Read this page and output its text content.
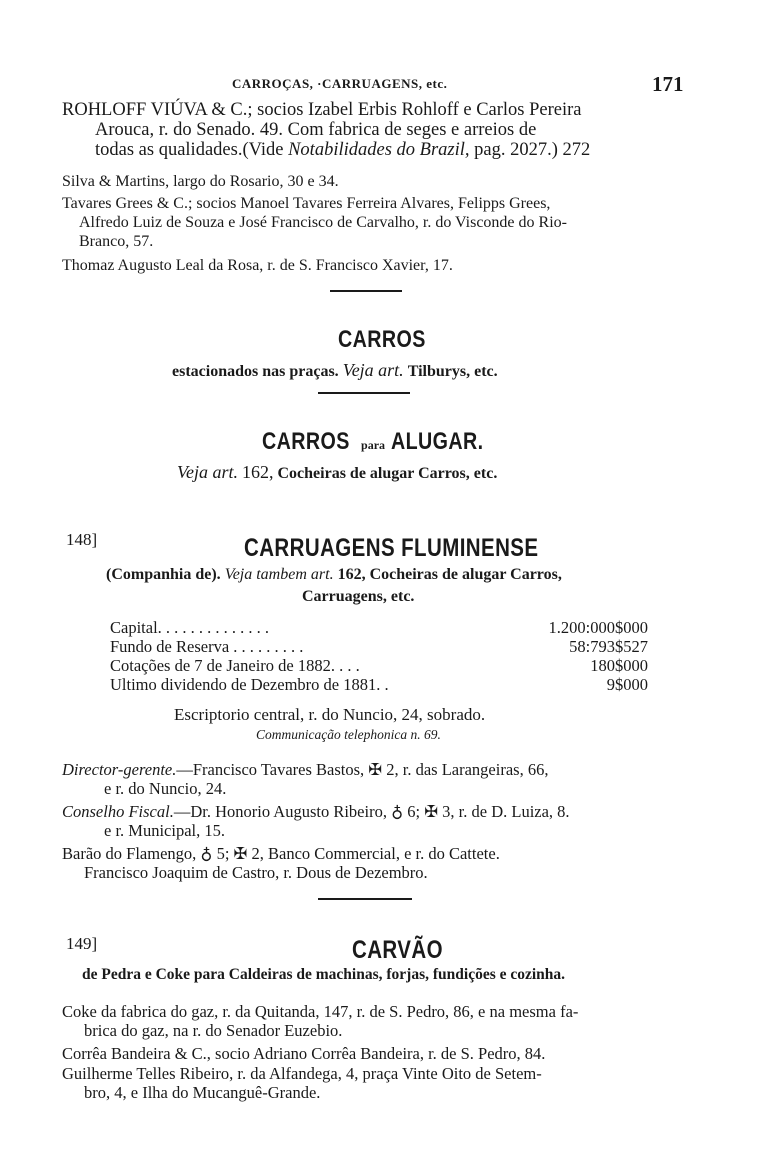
CARROÇAS, ·CARRUAGENS, etc.	171
ROHLOFF VIÚVA & C.; socios Izabel Erbis Rohloff e Carlos Pereira
Arouca, r. do Senado. 49. Com fabrica de seges e arreios de
todas as qualidades.(Vide Notabilidades do Brazil, pag. 2027.) 272
Silva & Martins, largo do Rosario, 30 e 34.
Tavares Grees & C.; socios Manoel Tavares Ferreira Alvares, Felipps Grees,
Alfredo Luiz de Souza e José Francisco de Carvalho, r. do Visconde do Rio-
Branco, 57.
Thomaz Augusto Leal da Rosa, r. de S. Francisco Xavier, 17.
CARROS
estacionados nas praças. Veja art. Tilburys, etc.
CARROS para ALUGAR.
Veja art. 162, Cocheiras de alugar Carros, etc.
148]	CARRUAGENS FLUMINENSE
(Companhia de). Veja tambem art. 162, Cocheiras de alugar Carros,
Carruagens, etc.
Capital. . . . . . . . . . . . . .	1.200:000$000
Fundo de Reserva . . . . . . . . .	58:793$527
Cotações de 7 de Janeiro de 1882. . . .	180$000
Ultimo dividendo de Dezembro de 1881. .	9$000
Escriptorio central, r. do Nuncio, 24, sobrado.
Communicação telephonica n. 69.
Director-gerente.—Francisco Tavares Bastos, ✠ 2, r. das Larangeiras, 66,
e r. do Nuncio, 24.
Conselho Fiscal.—Dr. Honorio Augusto Ribeiro, ♁ 6; ✠ 3, r. de D. Luiza, 8.
e r. Municipal, 15.
Barão do Flamengo, ♁ 5; ✠ 2, Banco Commercial, e r. do Cattete.
Francisco Joaquim de Castro, r. Dous de Dezembro.
149]	CARVÃO
de Pedra e Coke para Caldeiras de machinas, forjas, fundições e cozinha.
Coke da fabrica do gaz, r. da Quitanda, 147, r. de S. Pedro, 86, e na mesma fa-
brica do gaz, na r. do Senador Euzebio.
Corrêa Bandeira & C., socio Adriano Corrêa Bandeira, r. de S. Pedro, 84.
Guilherme Telles Ribeiro, r. da Alfandega, 4, praça Vinte Oito de Setem-
bro, 4, e Ilha do Mucanguê-Grande.
